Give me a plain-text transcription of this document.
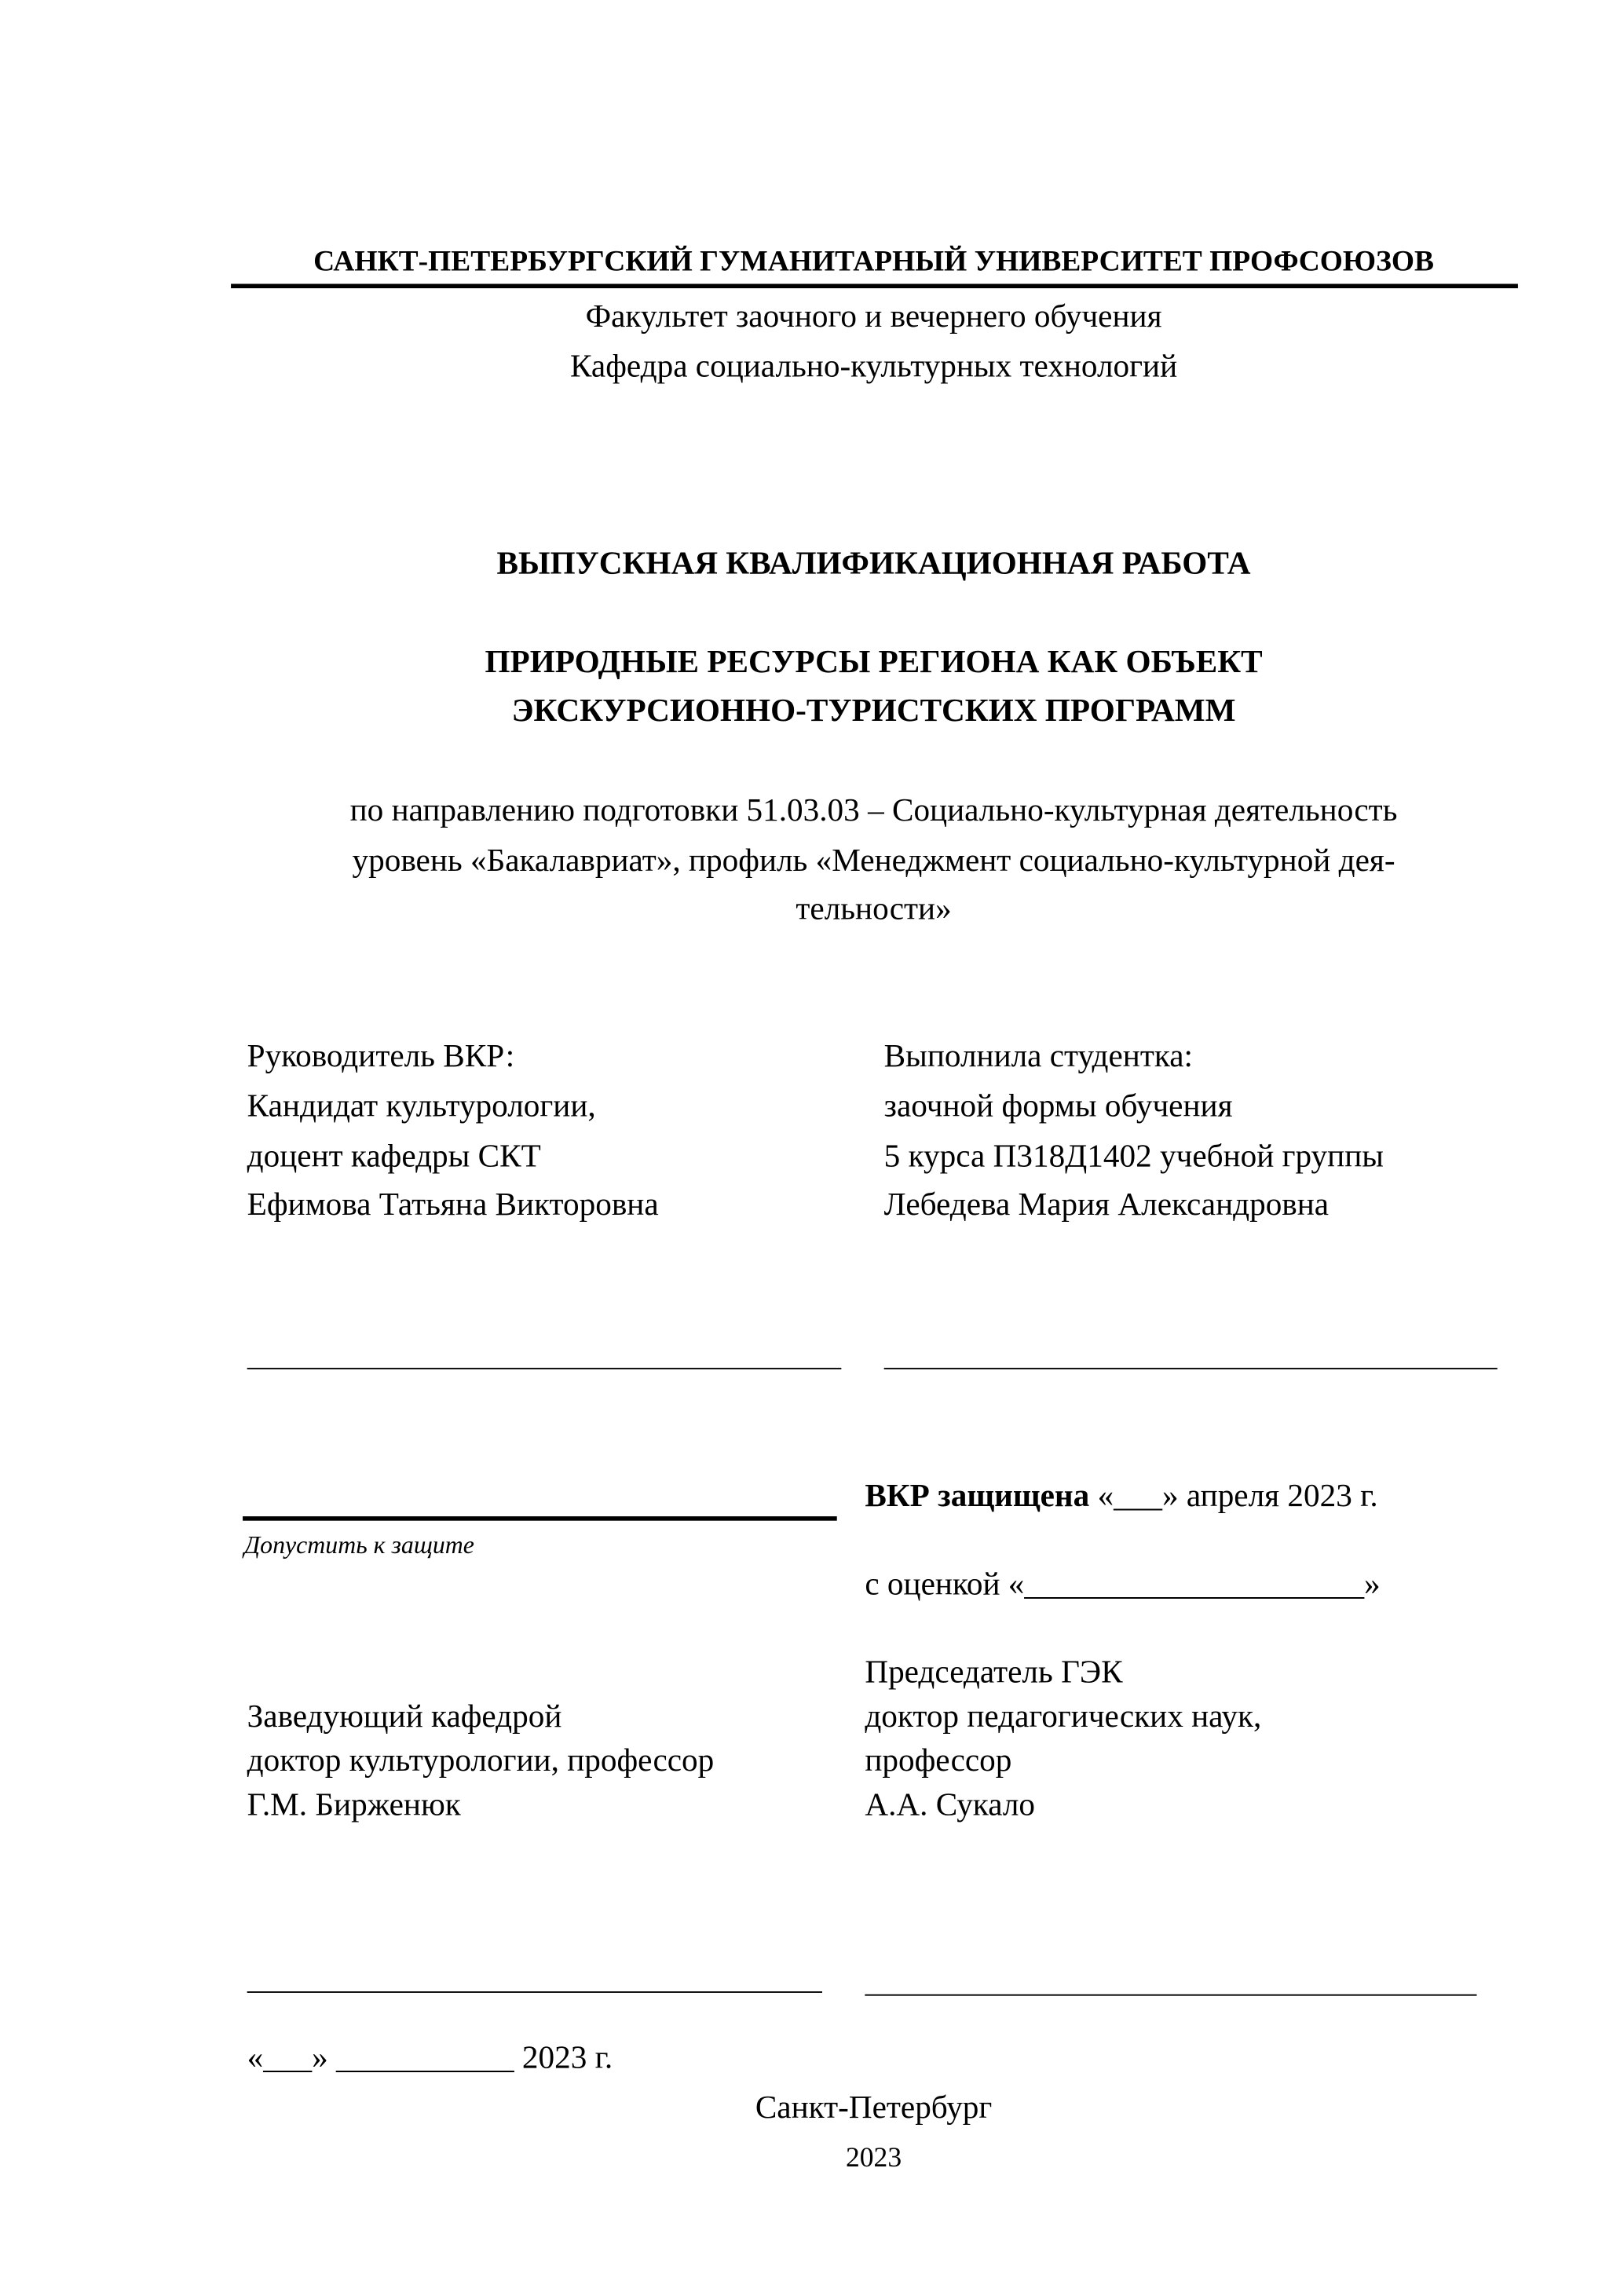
САНКТ-ПЕТЕРБУРГСКИЙ ГУМАНИТАРНЫЙ УНИВЕРСИТЕТ ПРОФСОЮЗОВ
Факультет заочного и вечернего обучения
Кафедра социально-культурных технологий
ВЫПУСКНАЯ КВАЛИФИКАЦИОННАЯ РАБОТА
ПРИРОДНЫЕ РЕСУРСЫ РЕГИОНА КАК ОБЪЕКТ
ЭКСКУРСИОННО-ТУРИСТСКИХ ПРОГРАММ
по направлению подготовки 51.03.03 – Социально-культурная деятельность
уровень «Бакалавриат», профиль «Менеджмент социально-культурной дея-
тельности»
Руководитель ВКР:
Кандидат культурологии,
доцент кафедры СКТ
Ефимова Татьяна Викторовна
Выполнила студентка:
заочной формы обучения
5 курса П318Д1402 учебной группы
Лебедева Мария Александровна
Допустить к защите
ВКР защищена «___» апреля 2023 г.
с оценкой «_____________________»
Заведующий кафедрой
доктор культурологии, профессор
Г.М. Бирженюк
Председатель ГЭК
доктор педагогических наук,
профессор
А.А. Сукало
«___» ___________ 2023 г.
Санкт-Петербург
2023
